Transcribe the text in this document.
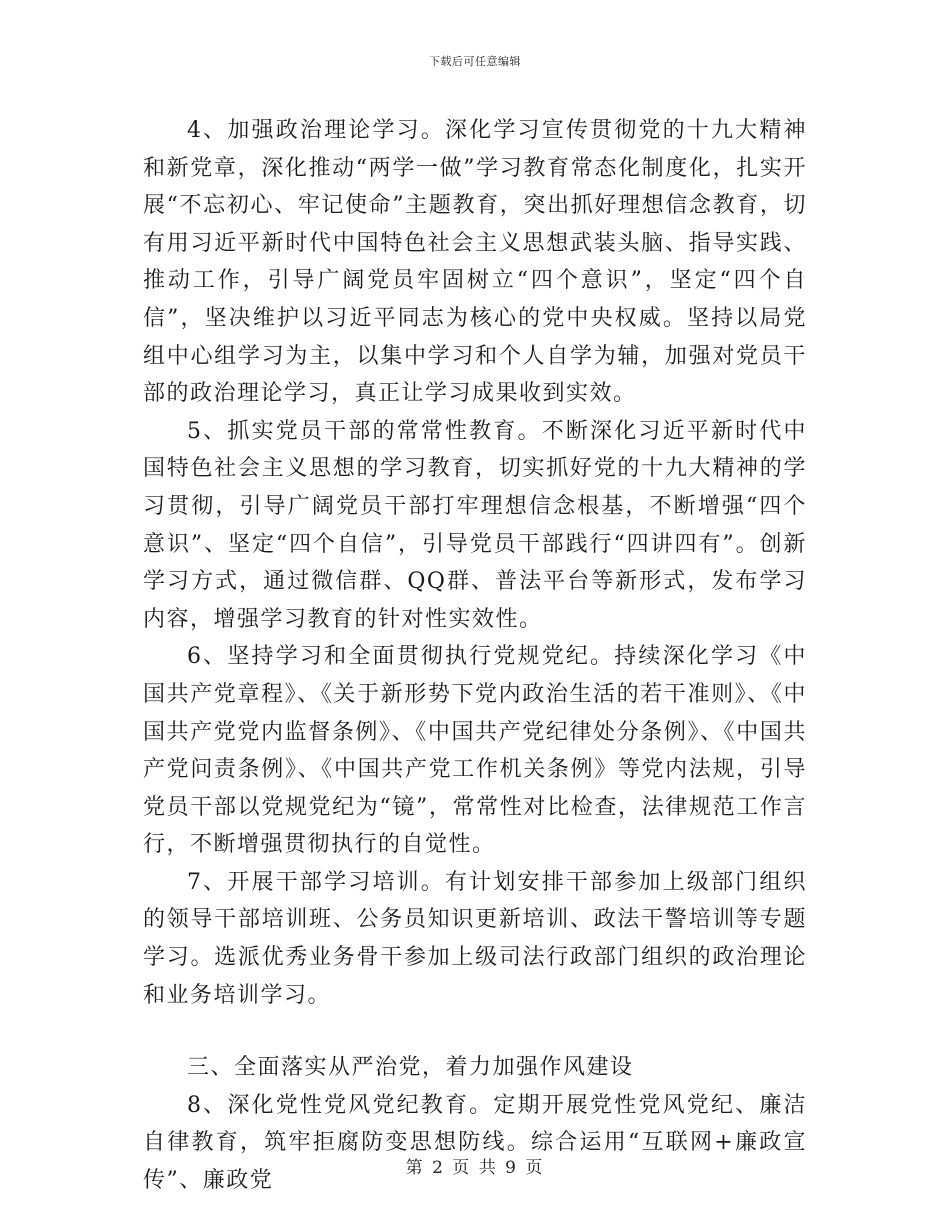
下载后可任意编辑

4、加强政治理论学习。深化学习宣传贯彻党的十九大精神和新党章，深化推动“两学一做”学习教育常态化制度化，扎实开展“不忘初心、牢记使命”主题教育，突出抓好理想信念教育，切有用习近平新时代中国特色社会主义思想武装头脑、指导实践、推动工作，引导广阔党员牢固树立“四个意识”，坚定“四个自信”，坚决维护以习近平同志为核心的党中央权威。坚持以局党组中心组学习为主，以集中学习和个人自学为辅，加强对党员干部的政治理论学习，真正让学习成果收到实效。

5、抓实党员干部的常常性教育。不断深化习近平新时代中国特色社会主义思想的学习教育，切实抓好党的十九大精神的学习贯彻，引导广阔党员干部打牢理想信念根基，不断增强“四个意识”、坚定“四个自信”，引导党员干部践行“四讲四有”。创新学习方式，通过微信群、QQ群、普法平台等新形式，发布学习内容，增强学习教育的针对性实效性。

6、坚持学习和全面贯彻执行党规党纪。持续深化学习《中国共产党章程》、《关于新形势下党内政治生活的若干准则》、《中国共产党党内监督条例》、《中国共产党纪律处分条例》、《中国共产党问责条例》、《中国共产党工作机关条例》等党内法规，引导党员干部以党规党纪为“镜”，常常性对比检查，法律规范工作言行，不断增强贯彻执行的自觉性。

7、开展干部学习培训。有计划安排干部参加上级部门组织的领导干部培训班、公务员知识更新培训、政法干警培训等专题学习。选派优秀业务骨干参加上级司法行政部门组织的政治理论和业务培训学习。

三、全面落实从严治党，着力加强作风建设

8、深化党性党风党纪教育。定期开展党性党风党纪、廉洁自律教育，筑牢拒腐防变思想防线。综合运用“互联网+廉政宣传”、廉政党

第 2 页 共 9 页
